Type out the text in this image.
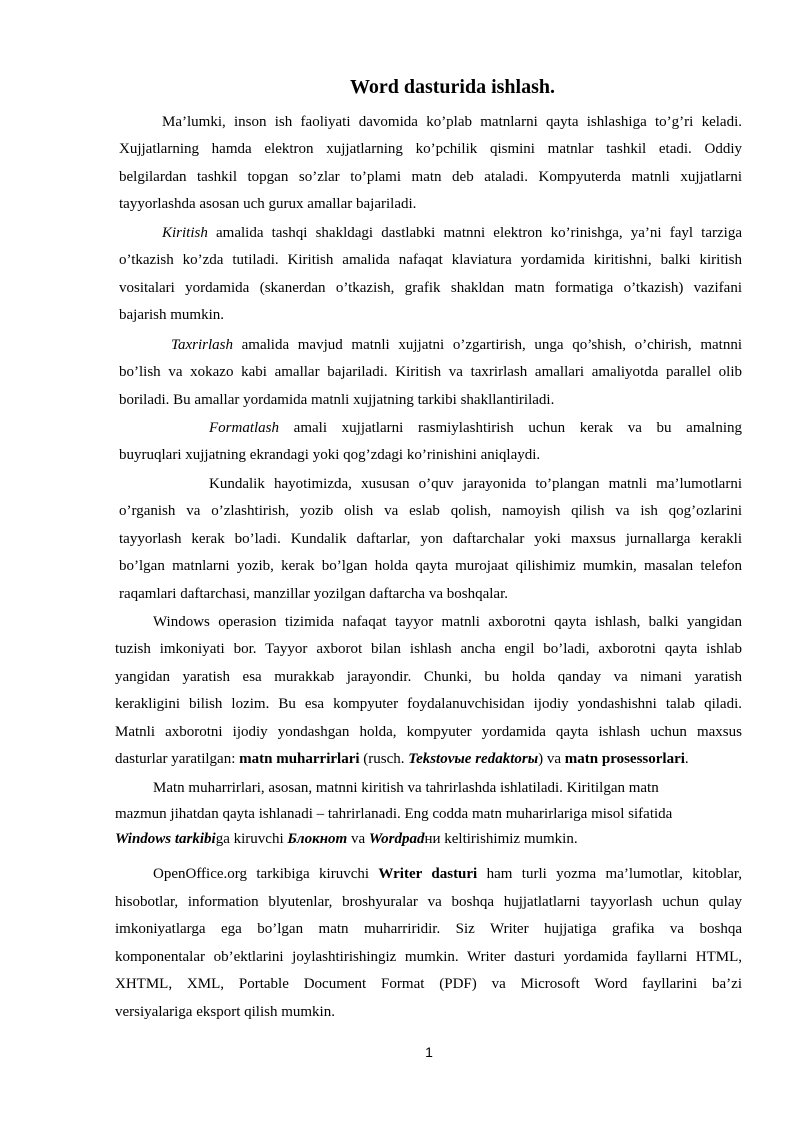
Word dasturida ishlash.
Ma’lumki, inson ish faoliyati davomida ko’plab matnlarni qayta ishlashiga to’g’ri keladi.
Xujjatlarning hamda elektron xujjatlarning ko’pchilik qismini matnlar tashkil etadi. Oddiy
belgilardan tashkil topgan so’zlar to’plami matn deb ataladi. Kompyuterda matnli xujjatlarni
tayyorlashda asosan uch gurux amallar bajariladi.
Kiritish amalida tashqi shakldagi dastlabki matnni elektron ko’rinishga, ya’ni fayl tarziga
o’tkazish ko’zda tutiladi. Kiritish amalida nafaqat klaviatura yordamida kiritishni, balki kiritish
vositalari yordamida (skanerdan o’tkazish, grafik shakldan matn formatiga o’tkazish) vazifani
bajarish mumkin.
Taxrirlash amalida mavjud matnli xujjatni o’zgartirish, unga qo’shish, o’chirish, matnni
bo’lish va xokazo kabi amallar bajariladi. Kiritish va taxrirlash amallari amaliyotda parallel olib
boriladi. Bu amallar yordamida matnli xujjatning tarkibi shakllantiriladi.
Formatlash amali xujjatlarni rasmiylashtirish uchun kerak va bu amalning
buyruqlari xujjatning ekrandagi yoki qog’zdagi ko’rinishini aniqlaydi.
Kundalik hayotimizda, xususan o’quv jarayonida to’plangan matnli ma’lumotlarni
o’rganish va o’zlashtirish, yozib olish va eslab qolish, namoyish qilish va ish qog’ozlarini
tayyorlash kerak bo’ladi. Kundalik daftarlar, yon daftarchalar yoki maxsus jurnallarga kerakli
bo’lgan matnlarni yozib, kerak bo’lgan holda qayta murojaat qilishimiz mumkin, masalan telefon
raqamlari daftarchasi, manzillar yozilgan daftarcha va boshqalar.
Windows operasion tizimida nafaqat tayyor matnli axborotni qayta ishlash, balki yangidan
tuzish imkoniyati bor. Tayyor axborot bilan ishlash ancha engil bo’ladi, axborotni qayta ishlab
yangidan yaratish esa murakkab jarayondir. Chunki, bu holda qanday va nimani yaratish
kerakligini bilish lozim. Bu esa kompyuter foydalanuvchisidan ijodiy yondashishni talab qiladi.
Matnli axborotni ijodiy yondashgan holda, kompyuter yordamida qayta ishlash uchun maxsus
dasturlar yaratilgan: matn muharrirlari (rusch. Tekstovыe redaktorы) va matn prosessorlari.
Matn muharrirlari, asosan, matnni kiritish va tahrirlashda ishlatiladi. Kiritilgan matn
mazmun jihatdan qayta ishlanadi – tahrirlanadi. Eng codda matn muharirlariga misol sifatida
Windows tarkibiga kiruvchi Блокнот va Wordpadни keltirishimiz mumkin.
OpenOffice.org tarkibiga kiruvchi Writer dasturi ham turli yozma ma’lumotlar, kitoblar,
hisobotlar, information blyutenlar, broshyuralar va boshqa hujjatlatlarni tayyorlash uchun qulay
imkoniyatlarga ega bo’lgan matn muharriridir. Siz Writer hujjatiga grafika va boshqa
komponentalar ob’ektlarini joylashtirishingiz mumkin. Writer dasturi yordamida fayllarni HTML,
XHTML, XML, Portable Document Format (PDF) va Microsoft Word fayllarini ba’zi
versiyalariga eksport qilish mumkin.
1
